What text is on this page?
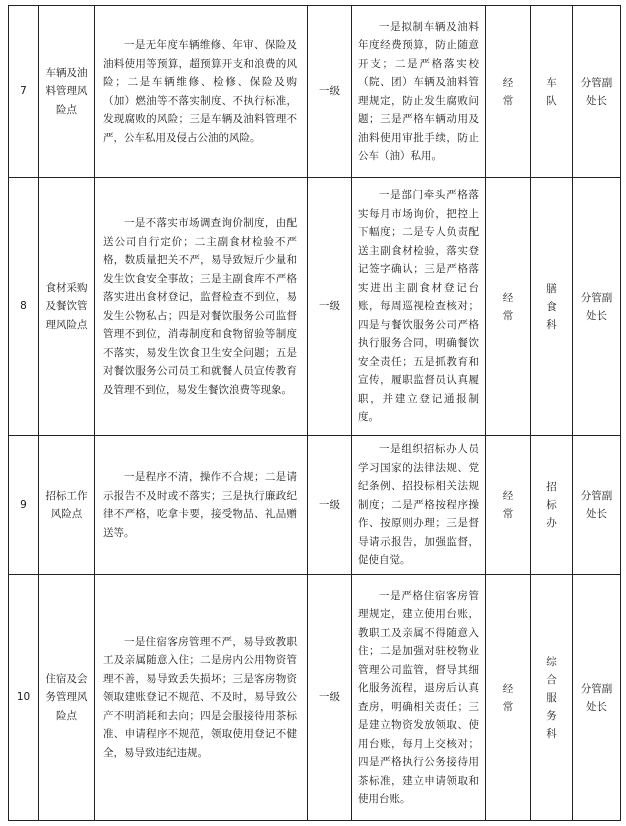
7	车辆及油料管理风险点	一是无年度车辆维修、年审、保险及油料使用等预算，超预算开支和浪费的风险；二是车辆维修、检修、保险及购（加）燃油等不落实制度、不执行标准，发现腐败的风险；三是车辆及油料管理不严，公车私用及侵占公油的风险。	一级	一是拟制车辆及油料年度经费预算，防止随意开支；二是严格落实校（院、团）车辆及油料管理规定，防止发生腐败问题；三是严格车辆动用及油料使用审批手续，防止公车（油）私用。	经常	车队	分管副处长

8	食材采购及餐饮管理风险点	一是不落实市场调查询价制度，由配送公司自行定价；二主副食材检验不严格，数质量把关不严，易导致短斤少量和发生饮食安全事故；三是主副食库不严格落实进出食材登记，监督检查不到位，易发生公物私占；四是对餐饮服务公司监督管理不到位，消毒制度和食物留验等制度不落实，易发生饮食卫生安全问题；五是对餐饮服务公司员工和就餐人员宣传教育及管理不到位，易发生餐饮浪费等现象。	一级	一是部门牵头严格落实每月市场询价，把控上下幅度；二是专人负责配送主副食材检验，落实登记签字确认；三是严格落实进出主副食材登记台账，每周巡视检查核对；四是与餐饮服务公司严格执行服务合同，明确餐饮安全责任；五是抓教育和宣传，履职监督员认真履职，并建立登记通报制度。	经常	膳食科	分管副处长

9	招标工作风险点	一是程序不清，操作不合规；二是请示报告不及时或不落实；三是执行廉政纪律不严格，吃拿卡要，接受物品、礼品赠送等。	一级	一是组织招标办人员学习国家的法律法规、党纪条例、招投标相关法规制度；二是严格按程序操作、按原则办理；三是督导请示报告，加强监督，促使自觉。	经常	招标办	分管副处长

10	住宿及会务管理风险点	一是住宿客房管理不严，易导致教职工及亲属随意入住；二是房内公用物资管理不善，易导致丢失损坏；三是客房物资领取建账登记不规范、不及时，易导致公产不明消耗和去向；四是会服接待用茶标准、申请程序不规范，领取使用登记不健全，易导致违纪违规。	一级	一是严格住宿客房管理规定，建立使用台账，教职工及亲属不得随意入住；二是加强对驻校物业管理公司监管，督导其细化服务流程，退房后认真查房，明确相关责任；三是建立物资发放领取、使用台账，每月上交核对；四是严格执行公务接待用茶标准，建立申请领取和使用台账。	经常	综合服务科	分管副处长
